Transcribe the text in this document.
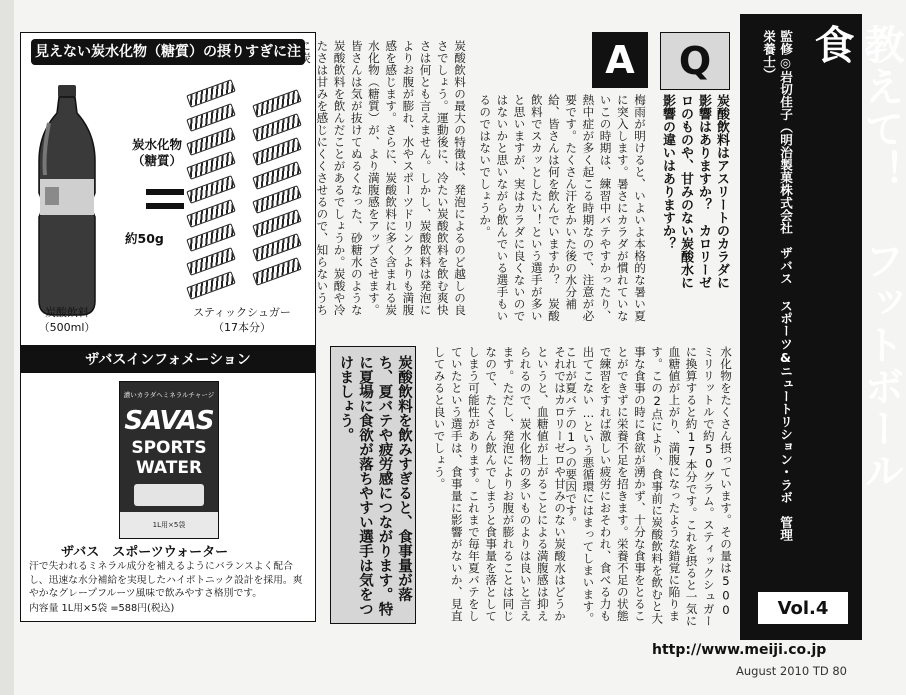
見えない炭水化物（糖質）の摂りすぎに注意!
炭水化物
（糖質）
約50g
炭酸飲料
（500ml）
スティックシュガー
（17本分）
ザバスインフォメーション
濃いカラダへミネラルチャージ
SAVAS
SPORTS
WATER
1L用×5袋
ザバス　スポーツウォーター
汗で失われるミネラル成分を補えるようにバランスよく配合し、迅速な水分補給を実現したハイポトニック設計を採用。爽やかなグレープフルーツ風味で飲みやすさ格別です。
内容量 1L用×5袋 =588円(税込)
教えて！ フットボール食
監修◎岩切佳子（明治製菓株式会社　ザバス スポーツ&ニュートリション・ラボ　管理栄養士）
Vol.4
Q
炭酸飲料はアスリートのカラダに影響はありますか？　カロリーゼロのものや、甘みのない炭酸水に影響の違いはありますか？
A
梅雨が明けると、いよいよ本格的な暑い夏に突入します。暑さにカラダが慣れていないこの時期は、練習中バテやすかったり、熱中症が多く起こる時期なので、注意が必要です。たくさん汗をかいた後の水分補給、皆さんは何を飲んでいますか？　炭酸飲料でスカッとしたい！という選手が多いと思いますが、実はカラダに良くないのではないかと思いながら飲んでいる選手もいるのではないでしょうか。
炭酸飲料の最大の特徴は、発泡によるのど越しの良さでしょう。運動後に、冷たい炭酸飲料を飲む爽快さは何とも言えません。しかし、炭酸飲料は発泡によりお腹が膨れ、水やスポーツドリンクよりも満腹感を感じます。さらに、炭酸飲料に多く含まれる炭水化物（糖質）が、より満腹感をアップさせます。皆さんは気が抜けてぬるくなった、砂糖水のような炭酸飲料を飲んだことがあるでしょうか。炭酸や冷たさは甘みを感じにくくさせるので、知らないうちに炭
水化物をたくさん摂っています。その量は500ミリリットルで約50グラム。スティックシュガーに換算すると約17本分です。これを摂ると一気に血糖値が上がり、満腹になったような錯覚に陥ります。この2点により、食事前に炭酸飲料を飲むと大事な食事の時に食欲が湧かず、十分な食事をとることができずに栄養不足を招きます。栄養不足の状態で練習をすれば激しい疲労におそわれ、食べる力も出てこない…という悪循環にはまってしまいます。これが夏バテの1つの要因です。
それではカロリーゼロや甘みのない炭酸水はどうかというと、血糖値が上がることによる満腹感は抑えられるので、炭水化物の多いものよりは良いと言えます。ただし、発泡によりお腹が膨れることは同じなので、たくさん飲んでしまうと食事量を落としてしまう可能性があります。これまで毎年夏バテをしていたという選手は、食事量に影響がないか、見直してみると良いでしょう。
炭酸飲料を飲みすぎると、食事量が落ち、夏バテや疲労感につながります。特に夏場に食欲が落ちやすい選手は気をつけましょう。
http://www.meiji.co.jp
August 2010 TD 80
